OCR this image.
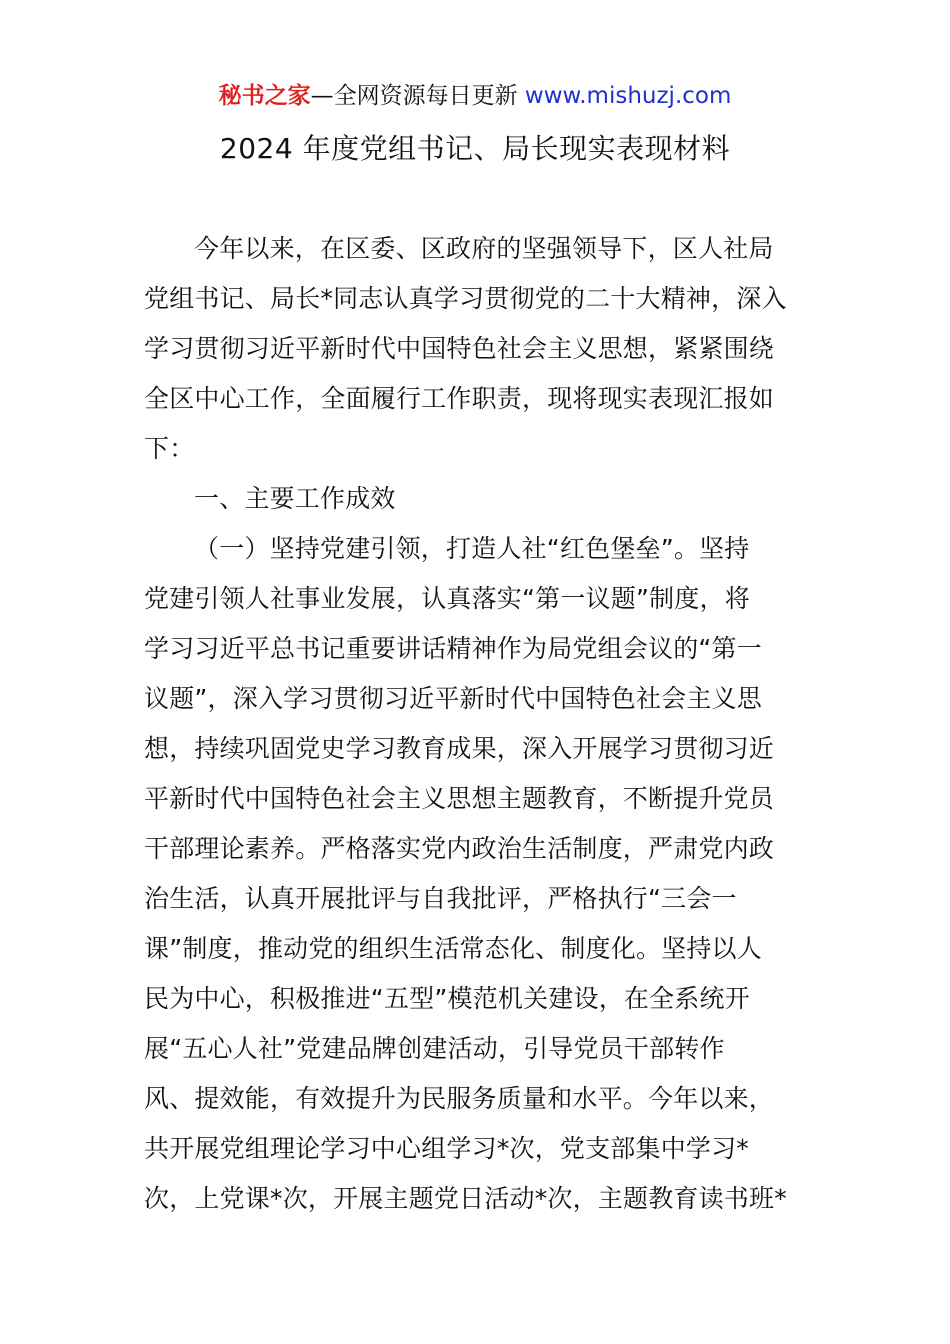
秘书之家—全网资源每日更新 www.mishuzj.com
2024 年度党组书记、局长现实表现材料
今年以来，在区委、区政府的坚强领导下，区人社局
党组书记、局长*同志认真学习贯彻党的二十大精神，深入
学习贯彻习近平新时代中国特色社会主义思想，紧紧围绕
全区中心工作，全面履行工作职责，现将现实表现汇报如
下：
一、主要工作成效
（一）坚持党建引领，打造人社“红色堡垒”。坚持
党建引领人社事业发展，认真落实“第一议题”制度，将
学习习近平总书记重要讲话精神作为局党组会议的“第一
议题”，深入学习贯彻习近平新时代中国特色社会主义思
想，持续巩固党史学习教育成果，深入开展学习贯彻习近
平新时代中国特色社会主义思想主题教育，不断提升党员
干部理论素养。严格落实党内政治生活制度，严肃党内政
治生活，认真开展批评与自我批评，严格执行“三会一
课”制度，推动党的组织生活常态化、制度化。坚持以人
民为中心，积极推进“五型”模范机关建设，在全系统开
展“五心人社”党建品牌创建活动，引导党员干部转作
风、提效能，有效提升为民服务质量和水平。今年以来，
共开展党组理论学习中心组学习*次，党支部集中学习*
次，上党课*次，开展主题党日活动*次，主题教育读书班*
